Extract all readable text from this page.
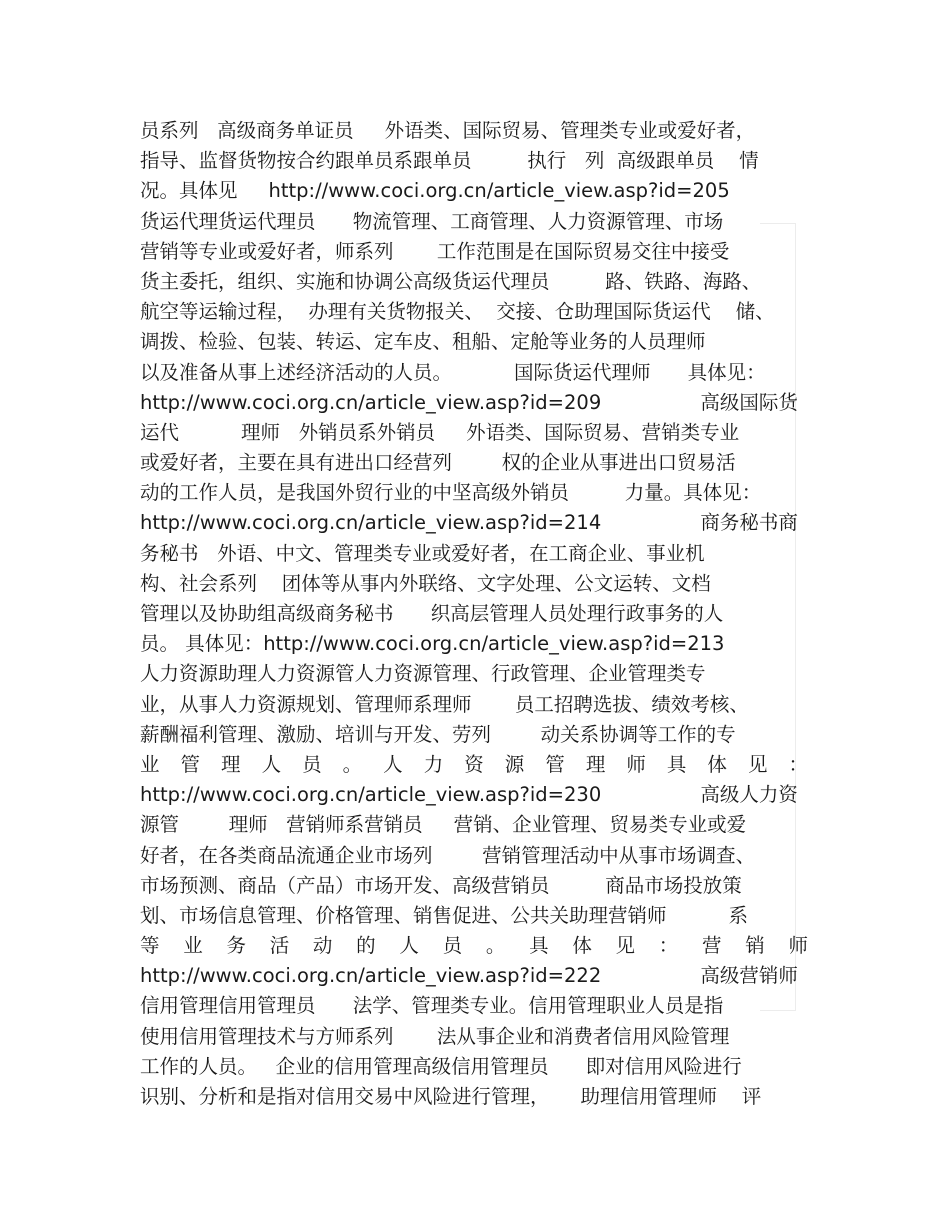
员系列   高级商务单证员     外语类、国际贸易、管理类专业或爱好者，
指导、监督货物按合约跟单员系跟单员         执行   列  高级跟单员    情
况。具体见     http://www.coci.org.cn/article_view.asp?id=205
货运代理货运代理员      物流管理、工商管理、人力资源管理、市场
营销等专业或爱好者，师系列       工作范围是在国际贸易交往中接受
货主委托，组织、实施和协调公高级货运代理员         路、铁路、海路、
航空等运输过程，  办理有关货物报关、  交接、仓助理国际货运代    储、
调拨、检验、包装、转运、定车皮、租船、定舱等业务的人员理师
以及准备从事上述经济活动的人员。          国际货运代理师      具体见：
http://www.coci.org.cn/article_view.asp?id=209                高级国际货
运代          理师   外销员系外销员     外语类、国际贸易、营销类专业
或爱好者，主要在具有进出口经营列        权的企业从事进出口贸易活
动的工作人员，是我国外贸行业的中坚高级外销员         力量。具体见：
http://www.coci.org.cn/article_view.asp?id=214                商务秘书商
务秘书   外语、中文、管理类专业或爱好者，在工商企业、事业机
构、社会系列    团体等从事内外联络、文字处理、公文运转、文档
管理以及协助组高级商务秘书      织高层管理人员处理行政事务的人
员。 具体见：http://www.coci.org.cn/article_view.asp?id=213
人力资源助理人力资源管人力资源管理、行政管理、企业管理类专
业，从事人力资源规划、管理师系理师       员工招聘选拔、绩效考核、
薪酬福利管理、激励、培训与开发、劳列        动关系协调等工作的专
业 管 理 人 员 。 人 力 资 源 管 理 师 具 体 见 ：
http://www.coci.org.cn/article_view.asp?id=230                高级人力资
源管        理师   营销师系营销员     营销、企业管理、贸易类专业或爱
好者，在各类商品流通企业市场列        营销管理活动中从事市场调查、
市场预测、商品（产品）市场开发、高级营销员         商品市场投放策
划、市场信息管理、价格管理、销售促进、公共关助理营销师          系
等 业 务 活 动 的 人 员 。 具 体 见 ： 营 销 师
http://www.coci.org.cn/article_view.asp?id=222                高级营销师
信用管理信用管理员      法学、管理类专业。信用管理职业人员是指
使用信用管理技术与方师系列       法从事企业和消费者信用风险管理
工作的人员。   企业的信用管理高级信用管理员      即对信用风险进行
识别、分析和是指对信用交易中风险进行管理，     助理信用管理师    评
